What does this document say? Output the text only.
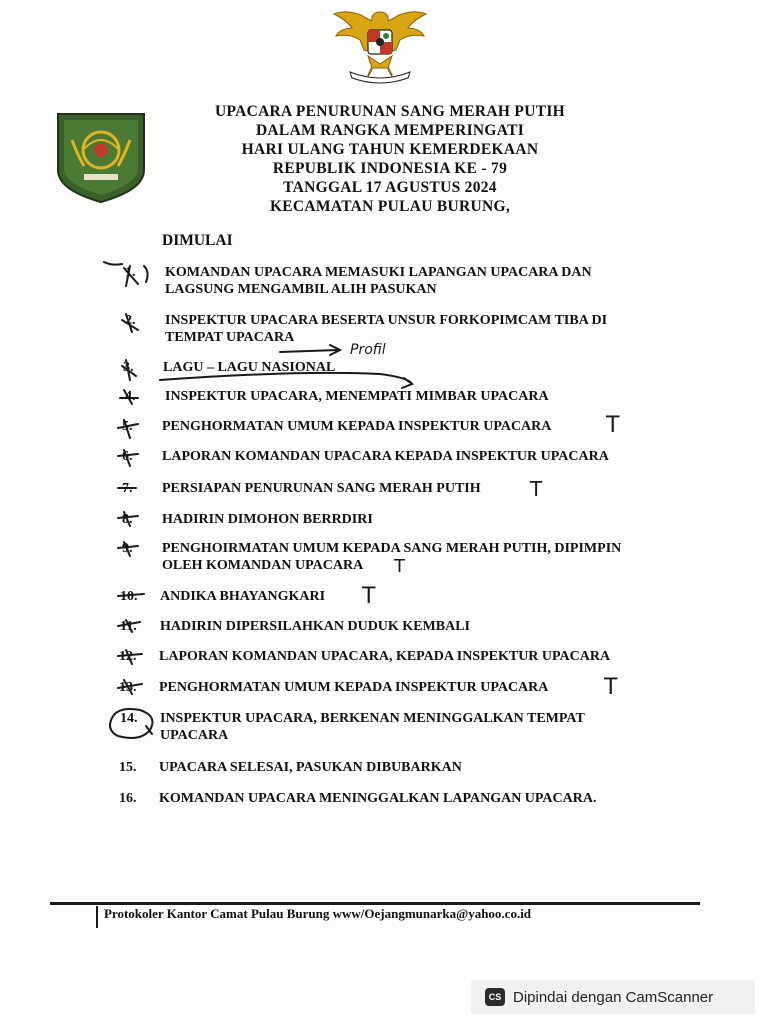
UPACARA PENURUNAN SANG MERAH PUTIH
DALAM RANGKA MEMPERINGATI
HARI ULANG TAHUN KEMERDEKAAN
REPUBLIK INDONESIA KE - 79
TANGGAL 17 AGUSTUS 2024
KECAMATAN PULAU BURUNG,
DIMULAI
1.	KOMANDAN UPACARA MEMASUKI LAPANGAN UPACARA DAN
LAGSUNG MENGAMBIL ALIH PASUKAN
2.	INSPEKTUR UPACARA BESERTA UNSUR FORKOPIMCAM TIBA DI
TEMPAT UPACARA
3.	LAGU – LAGU NASIONAL
4.	INSPEKTUR UPACARA, MENEMPATI MIMBAR UPACARA
5.	PENGHORMATAN UMUM KEPADA INSPEKTUR UPACARA
6.	LAPORAN KOMANDAN UPACARA KEPADA INSPEKTUR UPACARA
7.	PERSIAPAN PENURUNAN SANG MERAH PUTIH
8.	HADIRIN DIMOHON BERRDIRI
9.	PENGHOIRMATAN UMUM KEPADA SANG MERAH PUTIH, DIPIMPIN
OLEH KOMANDAN UPACARA
10.	ANDIKA BHAYANGKARI
11.	HADIRIN DIPERSILAHKAN DUDUK KEMBALI
12.	LAPORAN KOMANDAN UPACARA, KEPADA INSPEKTUR UPACARA
13.	PENGHORMATAN UMUM KEPADA INSPEKTUR UPACARA
14.	INSPEKTUR UPACARA, BERKENAN MENINGGALKAN TEMPAT
UPACARA
15.	UPACARA SELESAI, PASUKAN DIBUBARKAN
16.	KOMANDAN UPACARA MENINGGALKAN LAPANGAN UPACARA.
Profil
T
T
T
T
T
Protokoler Kantor Camat Pulau Burung www/Oejangmunarka@yahoo.co.id
CS Dipindai dengan CamScanner
